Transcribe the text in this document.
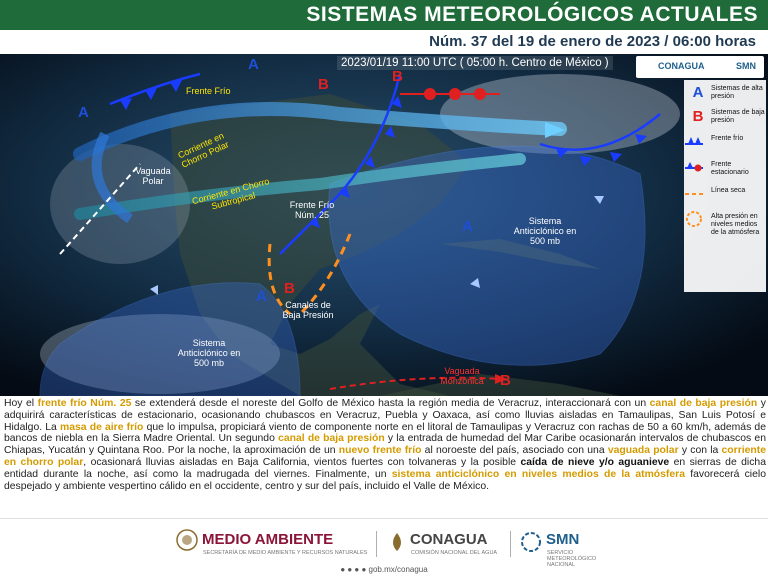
SISTEMAS METEOROLÓGICOS ACTUALES
Núm. 37 del 19 de enero de 2023 / 06:00 horas
2023/01/19 11:00 UTC ( 05:00 h. Centro de México )	CONAGUA	SMN
A	Sistemas de alta presión
B	Sistemas de baja presión
Frente frío
Frente estacionario
Línea seca
Alta presión en niveles medios de la atmósfera
A
A
A
A
B	B
B
B
Frente Frío
Vaguada Polar
Corriente en Chorro Polar
Corriente en Chorro Subtropical	Frente Frío Núm. 25
Sistema Anticiclónico en 500 mb
Sistema Anticiclónico en 500 mb
Canales de Baja Presión
Vaguada Monzónica
Hoy el frente frío Núm. 25 se extenderá desde el noreste del Golfo de México hasta la región media de Veracruz, interaccionará con un canal de baja presión y adquirirá características de estacionario, ocasionando chubascos en Veracruz, Puebla y Oaxaca, así como lluvias aisladas en Tamaulipas, San Luis Potosí e Hidalgo. La masa de aire frío que lo impulsa, propiciará viento de componente norte en el litoral de Tamaulipas y Veracruz con rachas de 50 a 60 km/h, además de bancos de niebla en la Sierra Madre Oriental. Un segundo canal de baja presión y la entrada de humedad del Mar Caribe ocasionarán intervalos de chubascos en Chiapas, Yucatán y Quintana Roo. Por la noche, la aproximación de un nuevo frente frío al noroeste del país, asociado con una vaguada polar y con la corriente en chorro polar, ocasionará lluvias aisladas en Baja California, vientos fuertes con tolvaneras y la posible caída de nieve y/o aguanieve en sierras de dicha entidad durante la noche, así como la madrugada del viernes. Finalmente, un sistema anticiclónico en niveles medios de la atmósfera favorecerá cielo despejado y ambiente vespertino cálido en el occidente, centro y sur del país, incluido el Valle de México.
MEDIO AMBIENTE
SECRETARÍA DE MEDIO AMBIENTE Y RECURSOS NATURALES
CONAGUA
COMISIÓN NACIONAL DEL AGUA
SMN
SERVICIO METEOROLÓGICO NACIONAL
● ● ● ● gob.mx/conagua
